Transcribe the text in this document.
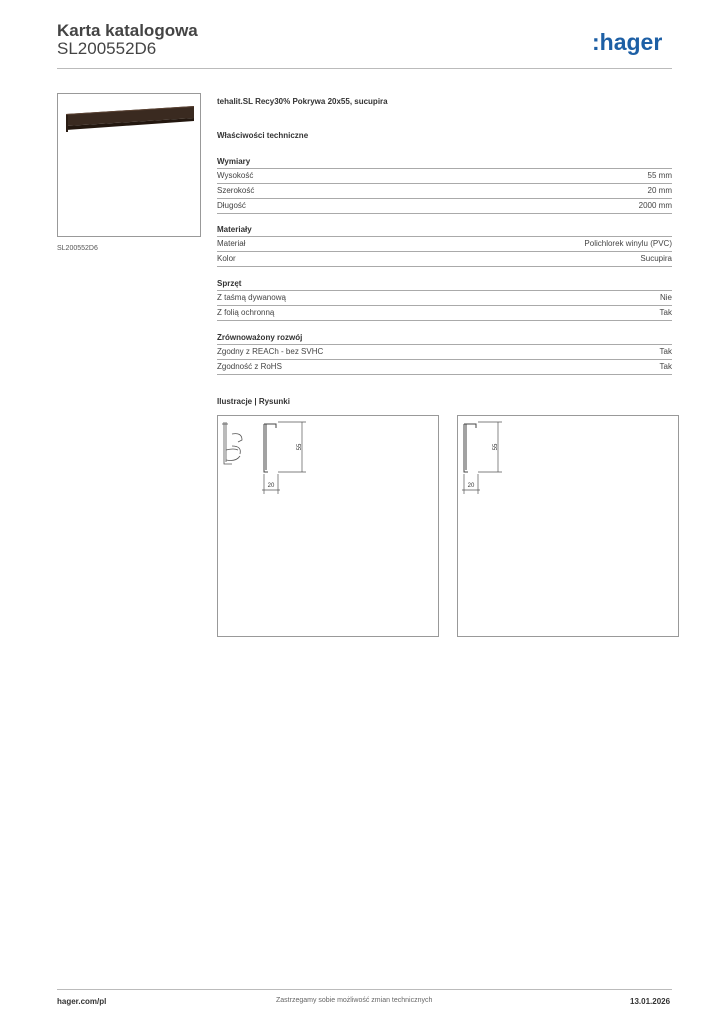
Karta katalogowa
SL200552D6	:hager
SL200552D6
tehalit.SL Recy30% Pokrywa 20x55, sucupira
Właściwości techniczne
Wymiary
Wysokość	55 mm
Szerokość	20 mm
Długość	2000 mm
Materiały
Materiał	Polichlorek winylu (PVC)
Kolor	Sucupira
Sprzęt
Z taśmą dywanową	Nie
Z folią ochronną	Tak
Zrównoważony rozwój
Zgodny z REACh - bez SVHC	Tak
Zgodność z RoHS	Tak
Ilustracje | Rysunki
55
20
55
20
hager.com/pl	Zastrzegamy sobie możliwość zmian technicznych	13.01.2026
